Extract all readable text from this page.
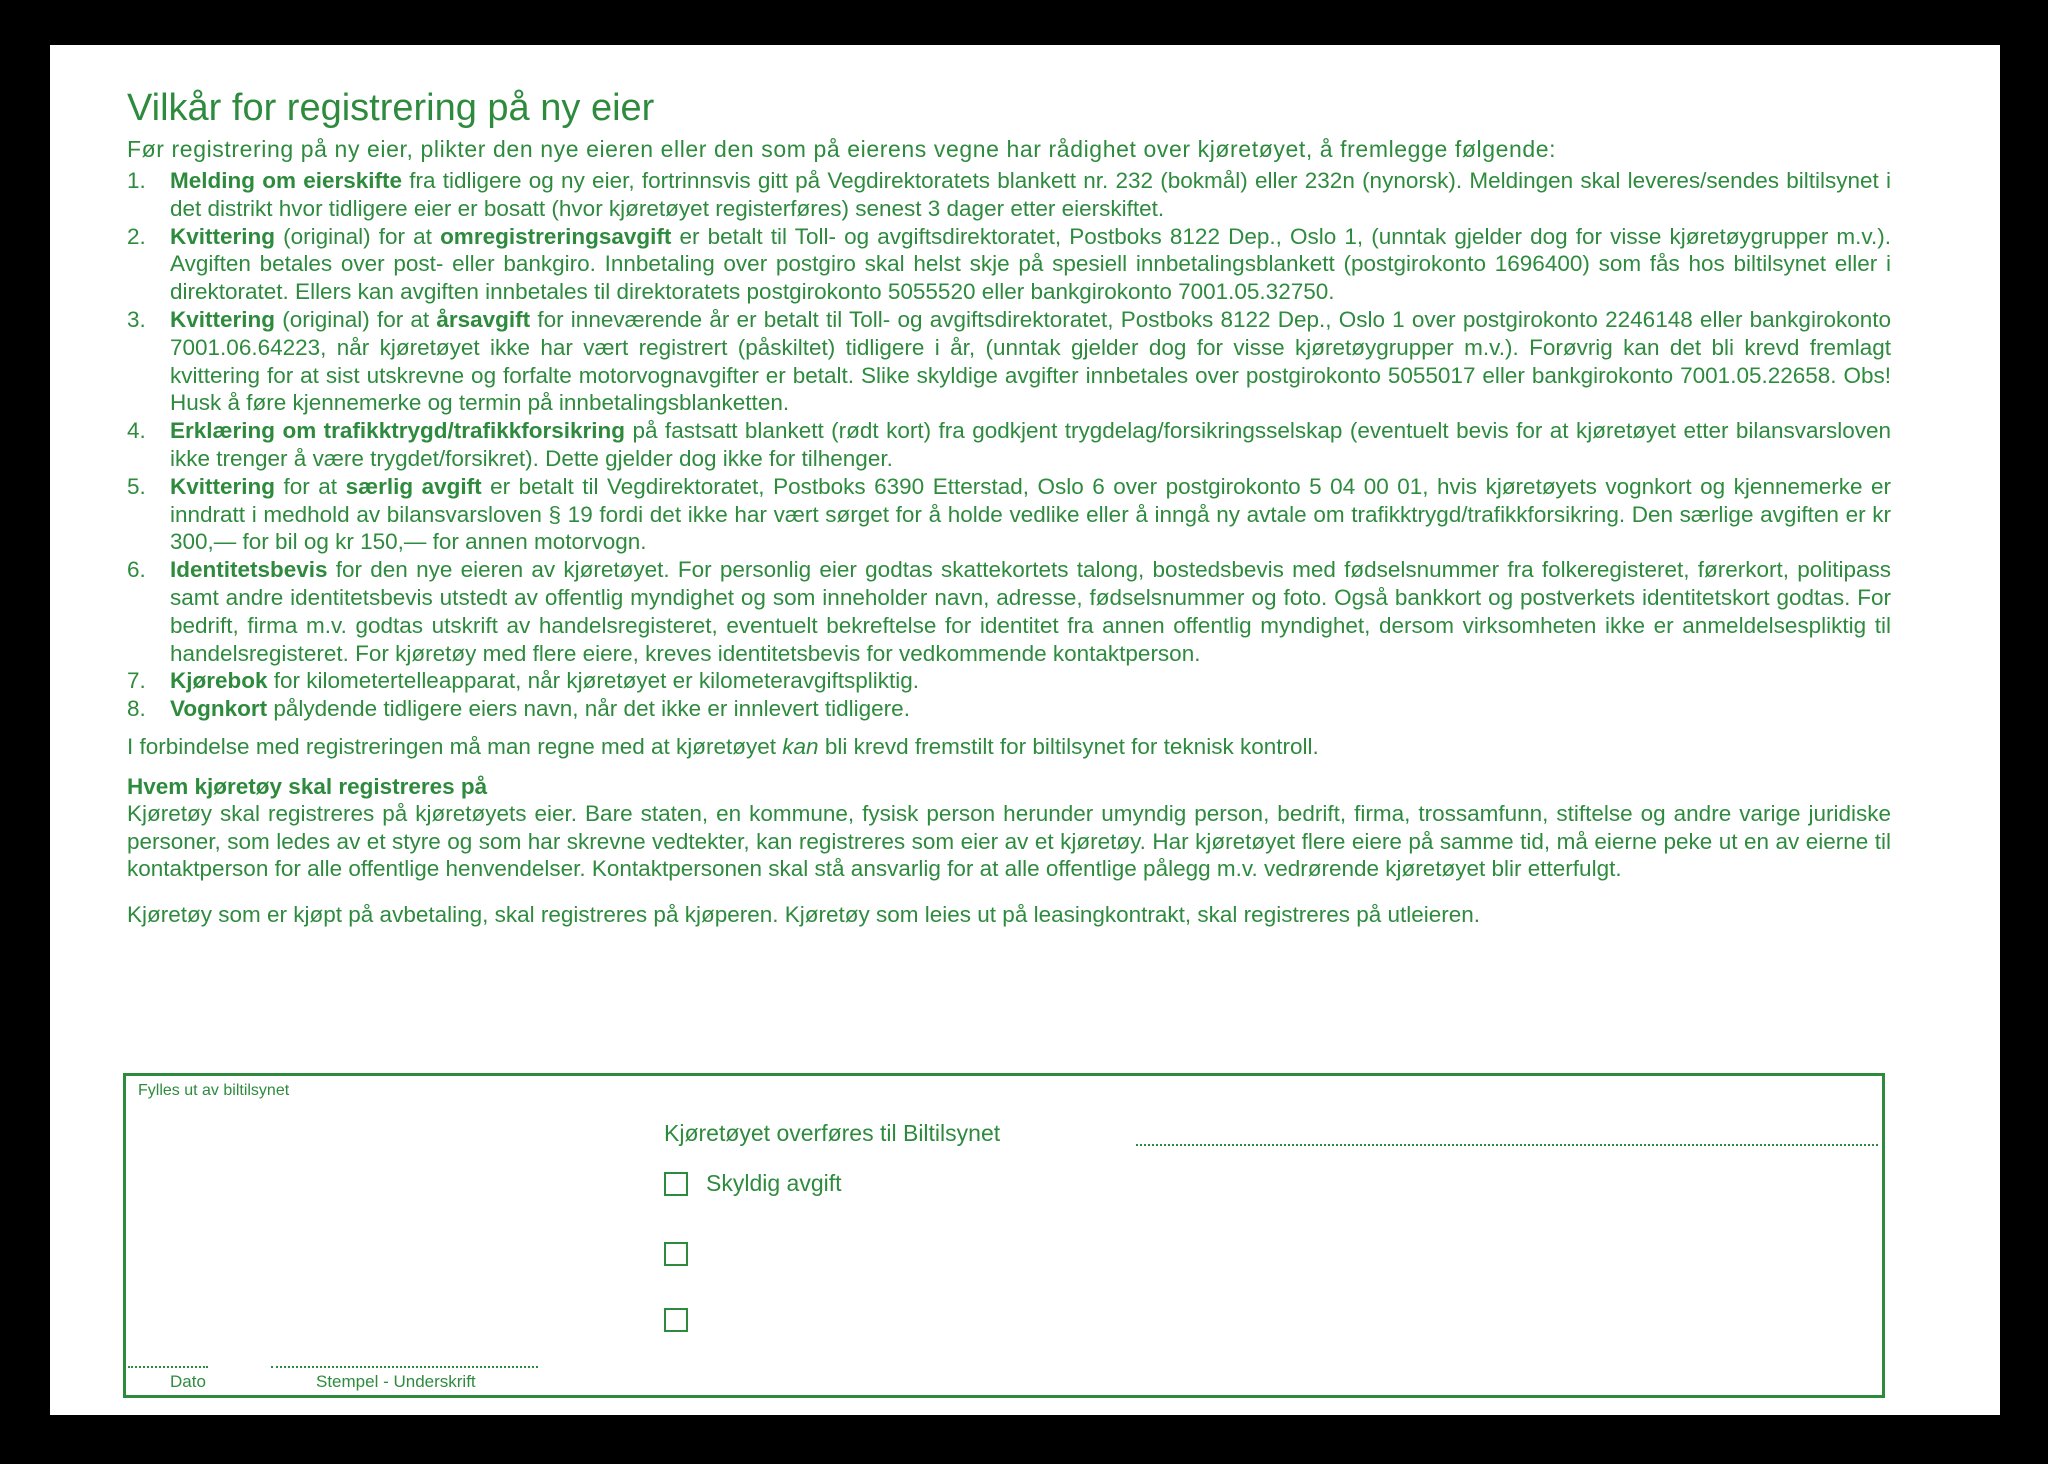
Vilkår for registrering på ny eier

Før registrering på ny eier, plikter den nye eieren eller den som på eierens vegne har rådighet over kjøretøyet, å fremlegge følgende:

1. Melding om eierskifte fra tidligere og ny eier, fortrinnsvis gitt på Vegdirektoratets blankett nr. 232 (bokmål) eller 232n (nynorsk). Meldingen skal leveres/sendes biltilsynet i det distrikt hvor tidligere eier er bosatt (hvor kjøretøyet registerføres) senest 3 dager etter eierskiftet.
2. Kvittering (original) for at omregistreringsavgift er betalt til Toll- og avgiftsdirektoratet, Postboks 8122 Dep., Oslo 1, (unntak gjelder dog for visse kjøretøygrupper m.v.). Avgiften betales over post- eller bankgiro. Innbetaling over postgiro skal helst skje på spesiell innbetalingsblankett (postgirokonto 1696400) som fås hos biltilsynet eller i direktoratet. Ellers kan avgiften innbetales til direktoratets postgirokonto 5055520 eller bankgirokonto 7001.05.32750.
3. Kvittering (original) for at årsavgift for inneværende år er betalt til Toll- og avgiftsdirektoratet, Postboks 8122 Dep., Oslo 1 over postgirokonto 2246148 eller bankgirokonto 7001.06.64223, når kjøretøyet ikke har vært registrert (påskiltet) tidligere i år, (unntak gjelder dog for visse kjøretøygrupper m.v.). Forøvrig kan det bli krevd fremlagt kvittering for at sist utskrevne og forfalte motorvognavgifter er betalt. Slike skyldige avgifter innbetales over postgirokonto 5055017 eller bankgirokonto 7001.05.22658. Obs! Husk å føre kjennemerke og termin på innbetalingsblanketten.
4. Erklæring om trafikktrygd/trafikkforsikring på fastsatt blankett (rødt kort) fra godkjent trygdelag/forsikringsselskap (eventuelt bevis for at kjøretøyet etter bilansvarsloven ikke trenger å være trygdet/forsikret). Dette gjelder dog ikke for tilhenger.
5. Kvittering for at særlig avgift er betalt til Vegdirektoratet, Postboks 6390 Etterstad, Oslo 6 over postgirokonto 5 04 00 01, hvis kjøretøyets vognkort og kjennemerke er inndratt i medhold av bilansvarsloven § 19 fordi det ikke har vært sørget for å holde vedlike eller å inngå ny avtale om trafikktrygd/trafikkforsikring. Den særlige avgiften er kr 300,— for bil og kr 150,— for annen motorvogn.
6. Identitetsbevis for den nye eieren av kjøretøyet. For personlig eier godtas skattekortets talong, bostedsbevis med fødselsnummer fra folkeregisteret, førerkort, politipass samt andre identitetsbevis utstedt av offentlig myndighet og som inneholder navn, adresse, fødselsnummer og foto. Også bankkort og postverkets identitetskort godtas. For bedrift, firma m.v. godtas utskrift av handelsregisteret, eventuelt bekreftelse for identitet fra annen offentlig myndighet, dersom virksomheten ikke er anmeldelsespliktig til handelsregisteret. For kjøretøy med flere eiere, kreves identitetsbevis for vedkommende kontaktperson.
7. Kjørebok for kilometertelleapparat, når kjøretøyet er kilometeravgiftspliktig.
8. Vognkort pålydende tidligere eiers navn, når det ikke er innlevert tidligere.

I forbindelse med registreringen må man regne med at kjøretøyet kan bli krevd fremstilt for biltilsynet for teknisk kontroll.

Hvem kjøretøy skal registreres på

Kjøretøy skal registreres på kjøretøyets eier. Bare staten, en kommune, fysisk person herunder umyndig person, bedrift, firma, trossamfunn, stiftelse og andre varige juridiske personer, som ledes av et styre og som har skrevne vedtekter, kan registreres som eier av et kjøretøy. Har kjøretøyet flere eiere på samme tid, må eierne peke ut en av eierne til kontaktperson for alle offentlige henvendelser. Kontaktpersonen skal stå ansvarlig for at alle offentlige pålegg m.v. vedrørende kjøretøyet blir etterfulgt.

Kjøretøy som er kjøpt på avbetaling, skal registreres på kjøperen. Kjøretøy som leies ut på leasingkontrakt, skal registreres på utleieren.

Fylles ut av biltilsynet
Kjøretøyet overføres til Biltilsynet
Skyldig avgift
Dato	Stempel - Underskrift
